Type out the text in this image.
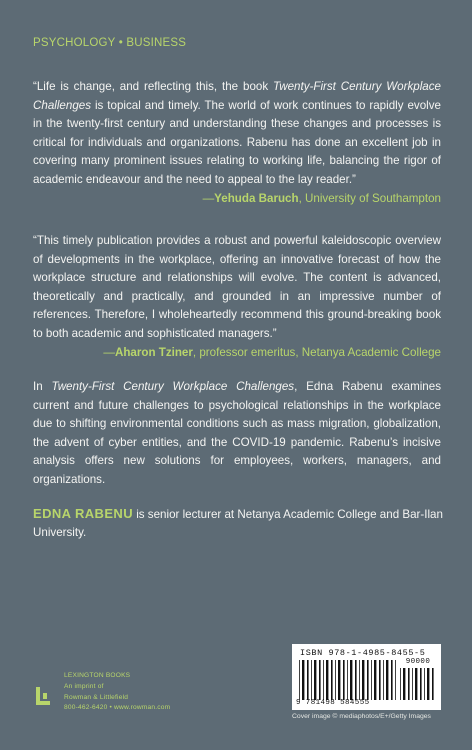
PSYCHOLOGY • BUSINESS
“Life is change, and reflecting this, the book Twenty-First Century Workplace Challenges is topical and timely. The world of work continues to rapidly evolve in the twenty-first century and understanding these changes and processes is critical for individuals and organizations. Rabenu has done an excellent job in covering many prominent issues relating to working life, balancing the rigor of academic endeavour and the need to appeal to the lay reader.”
—Yehuda Baruch, University of Southampton
“This timely publication provides a robust and powerful kaleidoscopic overview of developments in the workplace, offering an innovative forecast of how the workplace structure and relationships will evolve. The content is advanced, theoretically and practically, and grounded in an impressive number of references. Therefore, I wholeheartedly recommend this ground-breaking book to both academic and sophisticated managers.”
—Aharon Tziner, professor emeritus, Netanya Academic College
In Twenty-First Century Workplace Challenges, Edna Rabenu examines current and future challenges to psychological relationships in the workplace due to shifting environmental conditions such as mass migration, globalization, the advent of cyber entities, and the COVID-19 pandemic. Rabenu’s incisive analysis offers new solutions for employees, workers, managers, and organizations.
EDNA RABENU is senior lecturer at Netanya Academic College and Bar-Ilan University.
LEXINGTON BOOKS
An imprint of
Rowman & Littlefield
800-462-6420 • www.rowman.com
ISBN 978-1-4985-8455-5
90000
9 781498 584555
Cover image © mediaphotos/E+/Getty Images
